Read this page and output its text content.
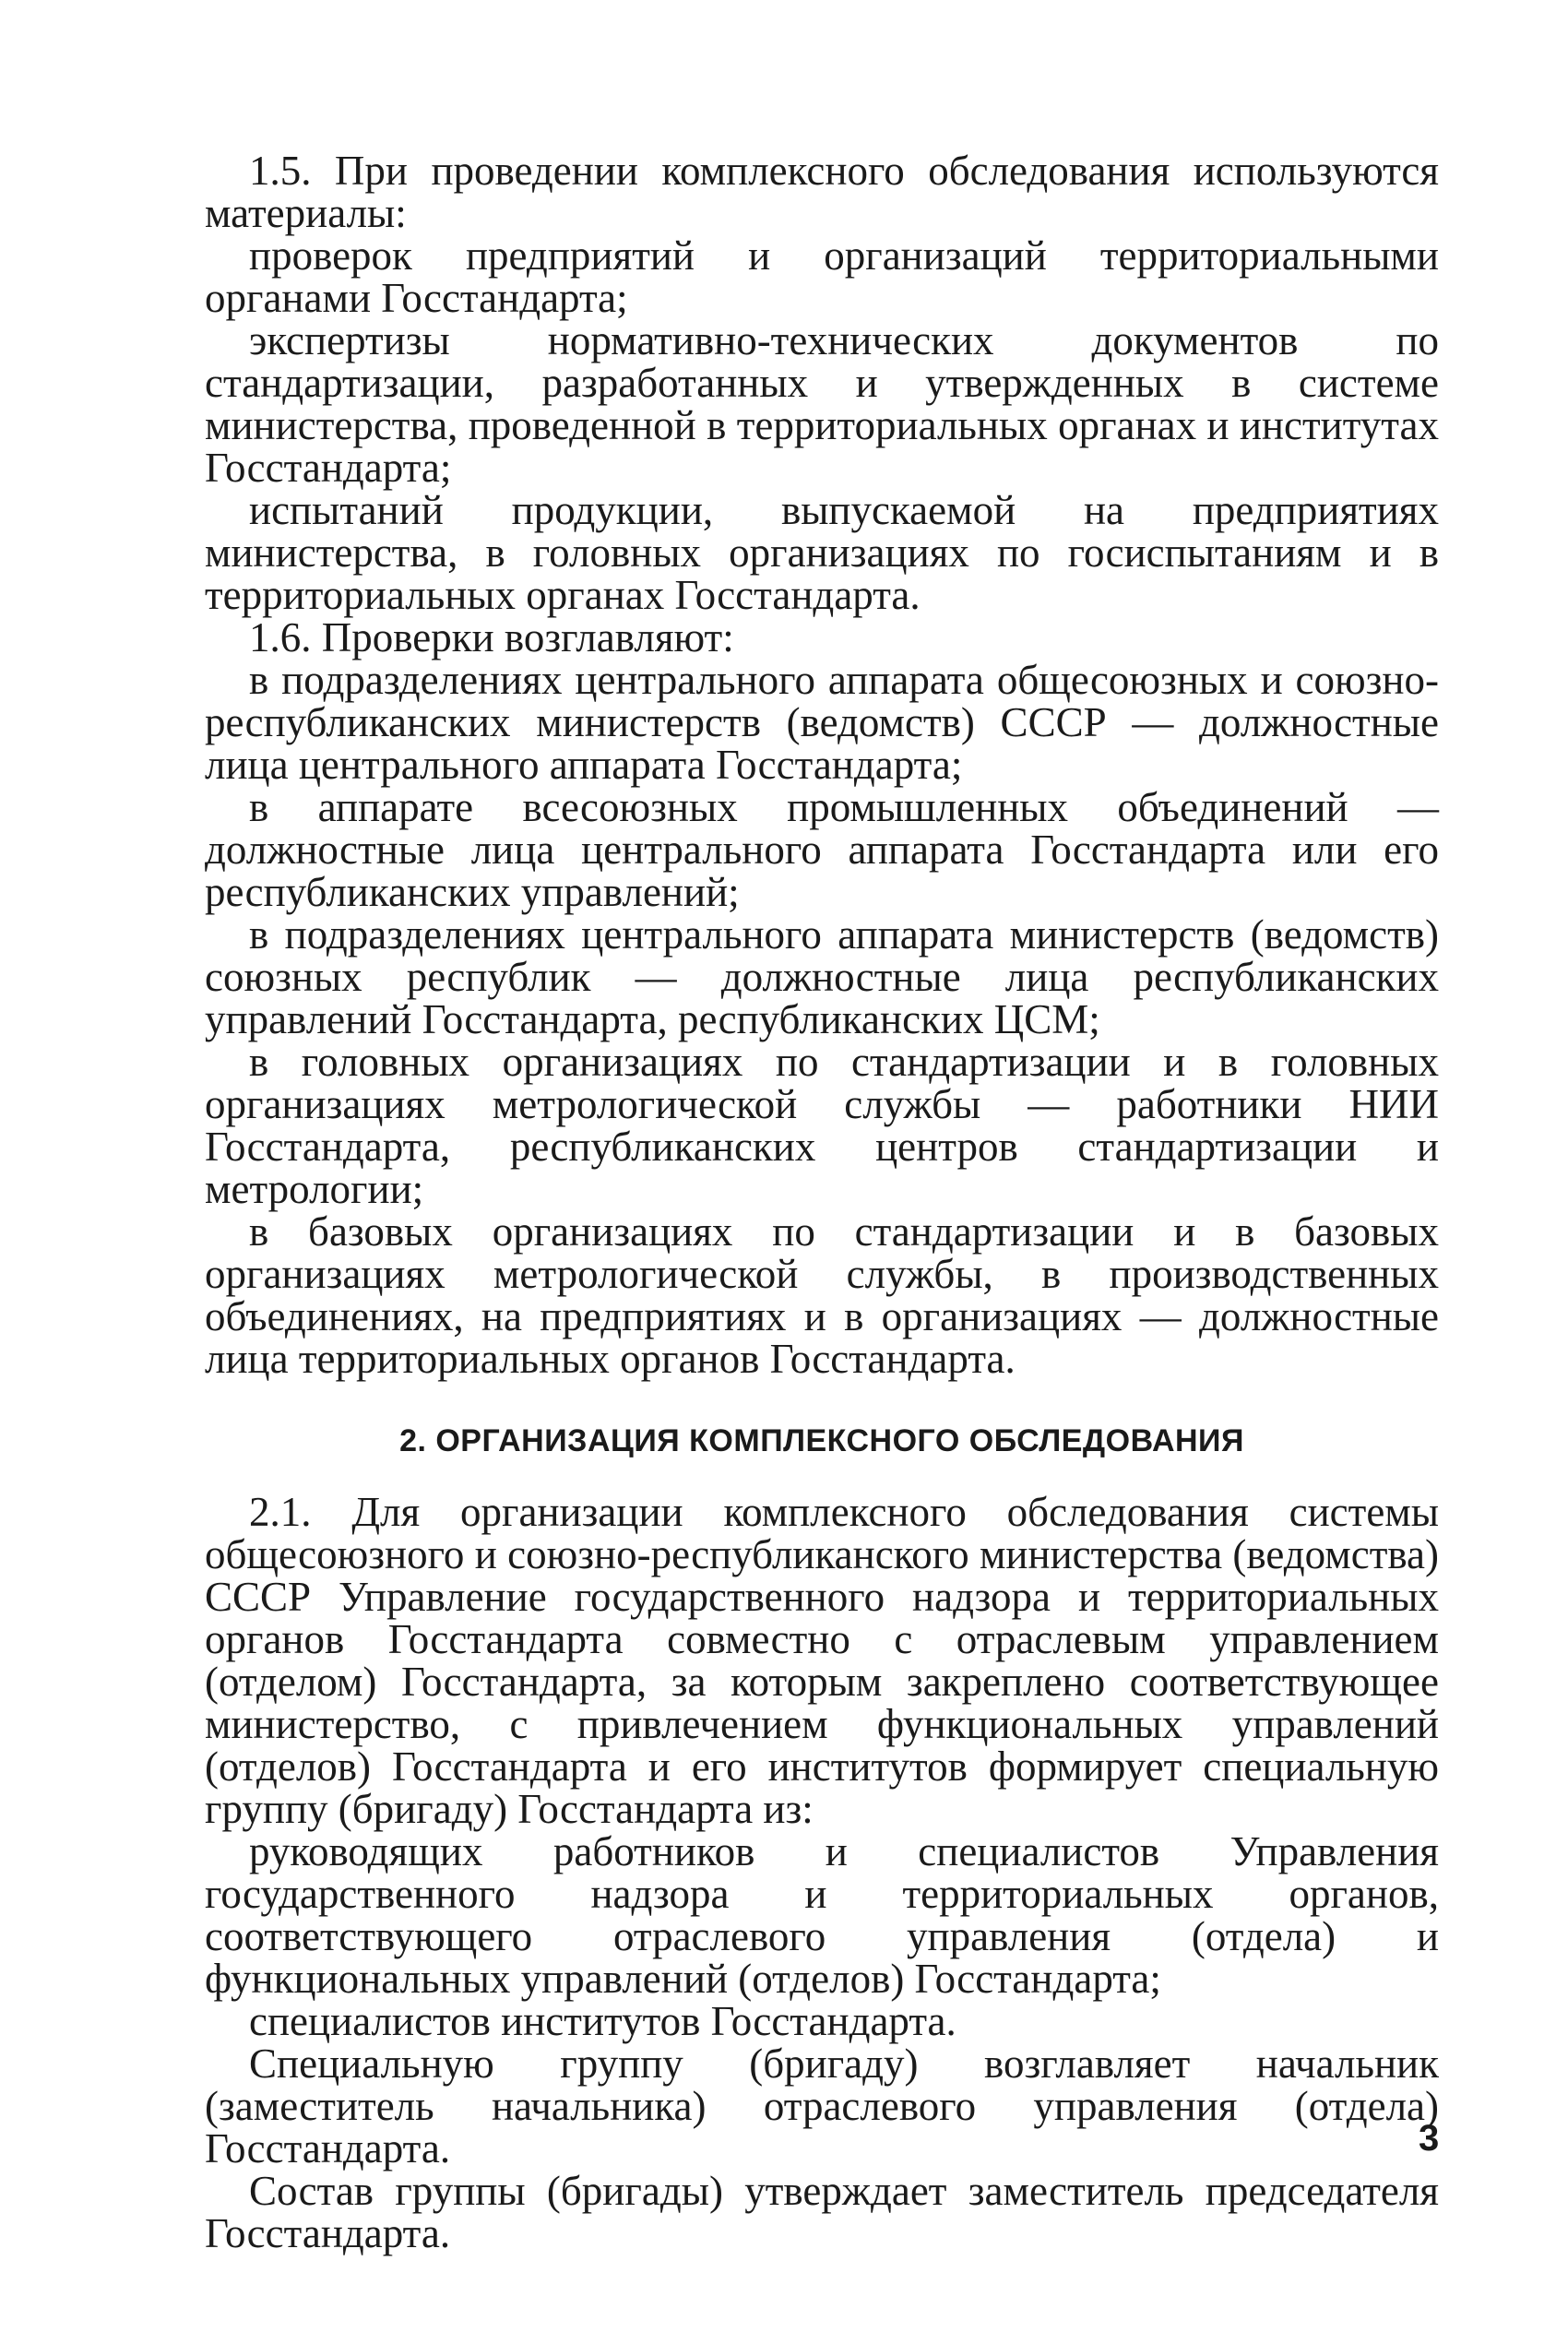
1.5. При проведении комплексного обследования используются материалы:

проверок предприятий и организаций территориальными органами Госстандарта;

экспертизы нормативно-технических документов по стандартизации, разработанных и утвержденных в системе министерства, проведенной в территориальных органах и институтах Госстандарта;

испытаний продукции, выпускаемой на предприятиях министерства, в головных организациях по госиспытаниям и в территориальных органах Госстандарта.

1.6. Проверки возглавляют:

в подразделениях центрального аппарата общесоюзных и союзно-республиканских министерств (ведомств) СССР — должностные лица центрального аппарата Госстандарта;

в аппарате всесоюзных промышленных объединений — должностные лица центрального аппарата Госстандарта или его республиканских управлений;

в подразделениях центрального аппарата министерств (ведомств) союзных республик — должностные лица республиканских управлений Госстандарта, республиканских ЦСМ;

в головных организациях по стандартизации и в головных организациях метрологической службы — работники НИИ Госстандарта, республиканских центров стандартизации и метрологии;

в базовых организациях по стандартизации и в базовых организациях метрологической службы, в производственных объединениях, на предприятиях и в организациях — должностные лица территориальных органов Госстандарта.

2. ОРГАНИЗАЦИЯ КОМПЛЕКСНОГО ОБСЛЕДОВАНИЯ

2.1. Для организации комплексного обследования системы общесоюзного и союзно-республиканского министерства (ведомства) СССР Управление государственного надзора и территориальных органов Госстандарта совместно с отраслевым управлением (отделом) Госстандарта, за которым закреплено соответствующее министерство, с привлечением функциональных управлений (отделов) Госстандарта и его институтов формирует специальную группу (бригаду) Госстандарта из:

руководящих работников и специалистов Управления государственного надзора и территориальных органов, соответствующего отраслевого управления (отдела) и функциональных управлений (отделов) Госстандарта;

специалистов институтов Госстандарта.

Специальную группу (бригаду) возглавляет начальник (заместитель начальника) отраслевого управления (отдела) Госстандарта.

Состав группы (бригады) утверждает заместитель председателя Госстандарта.

3
